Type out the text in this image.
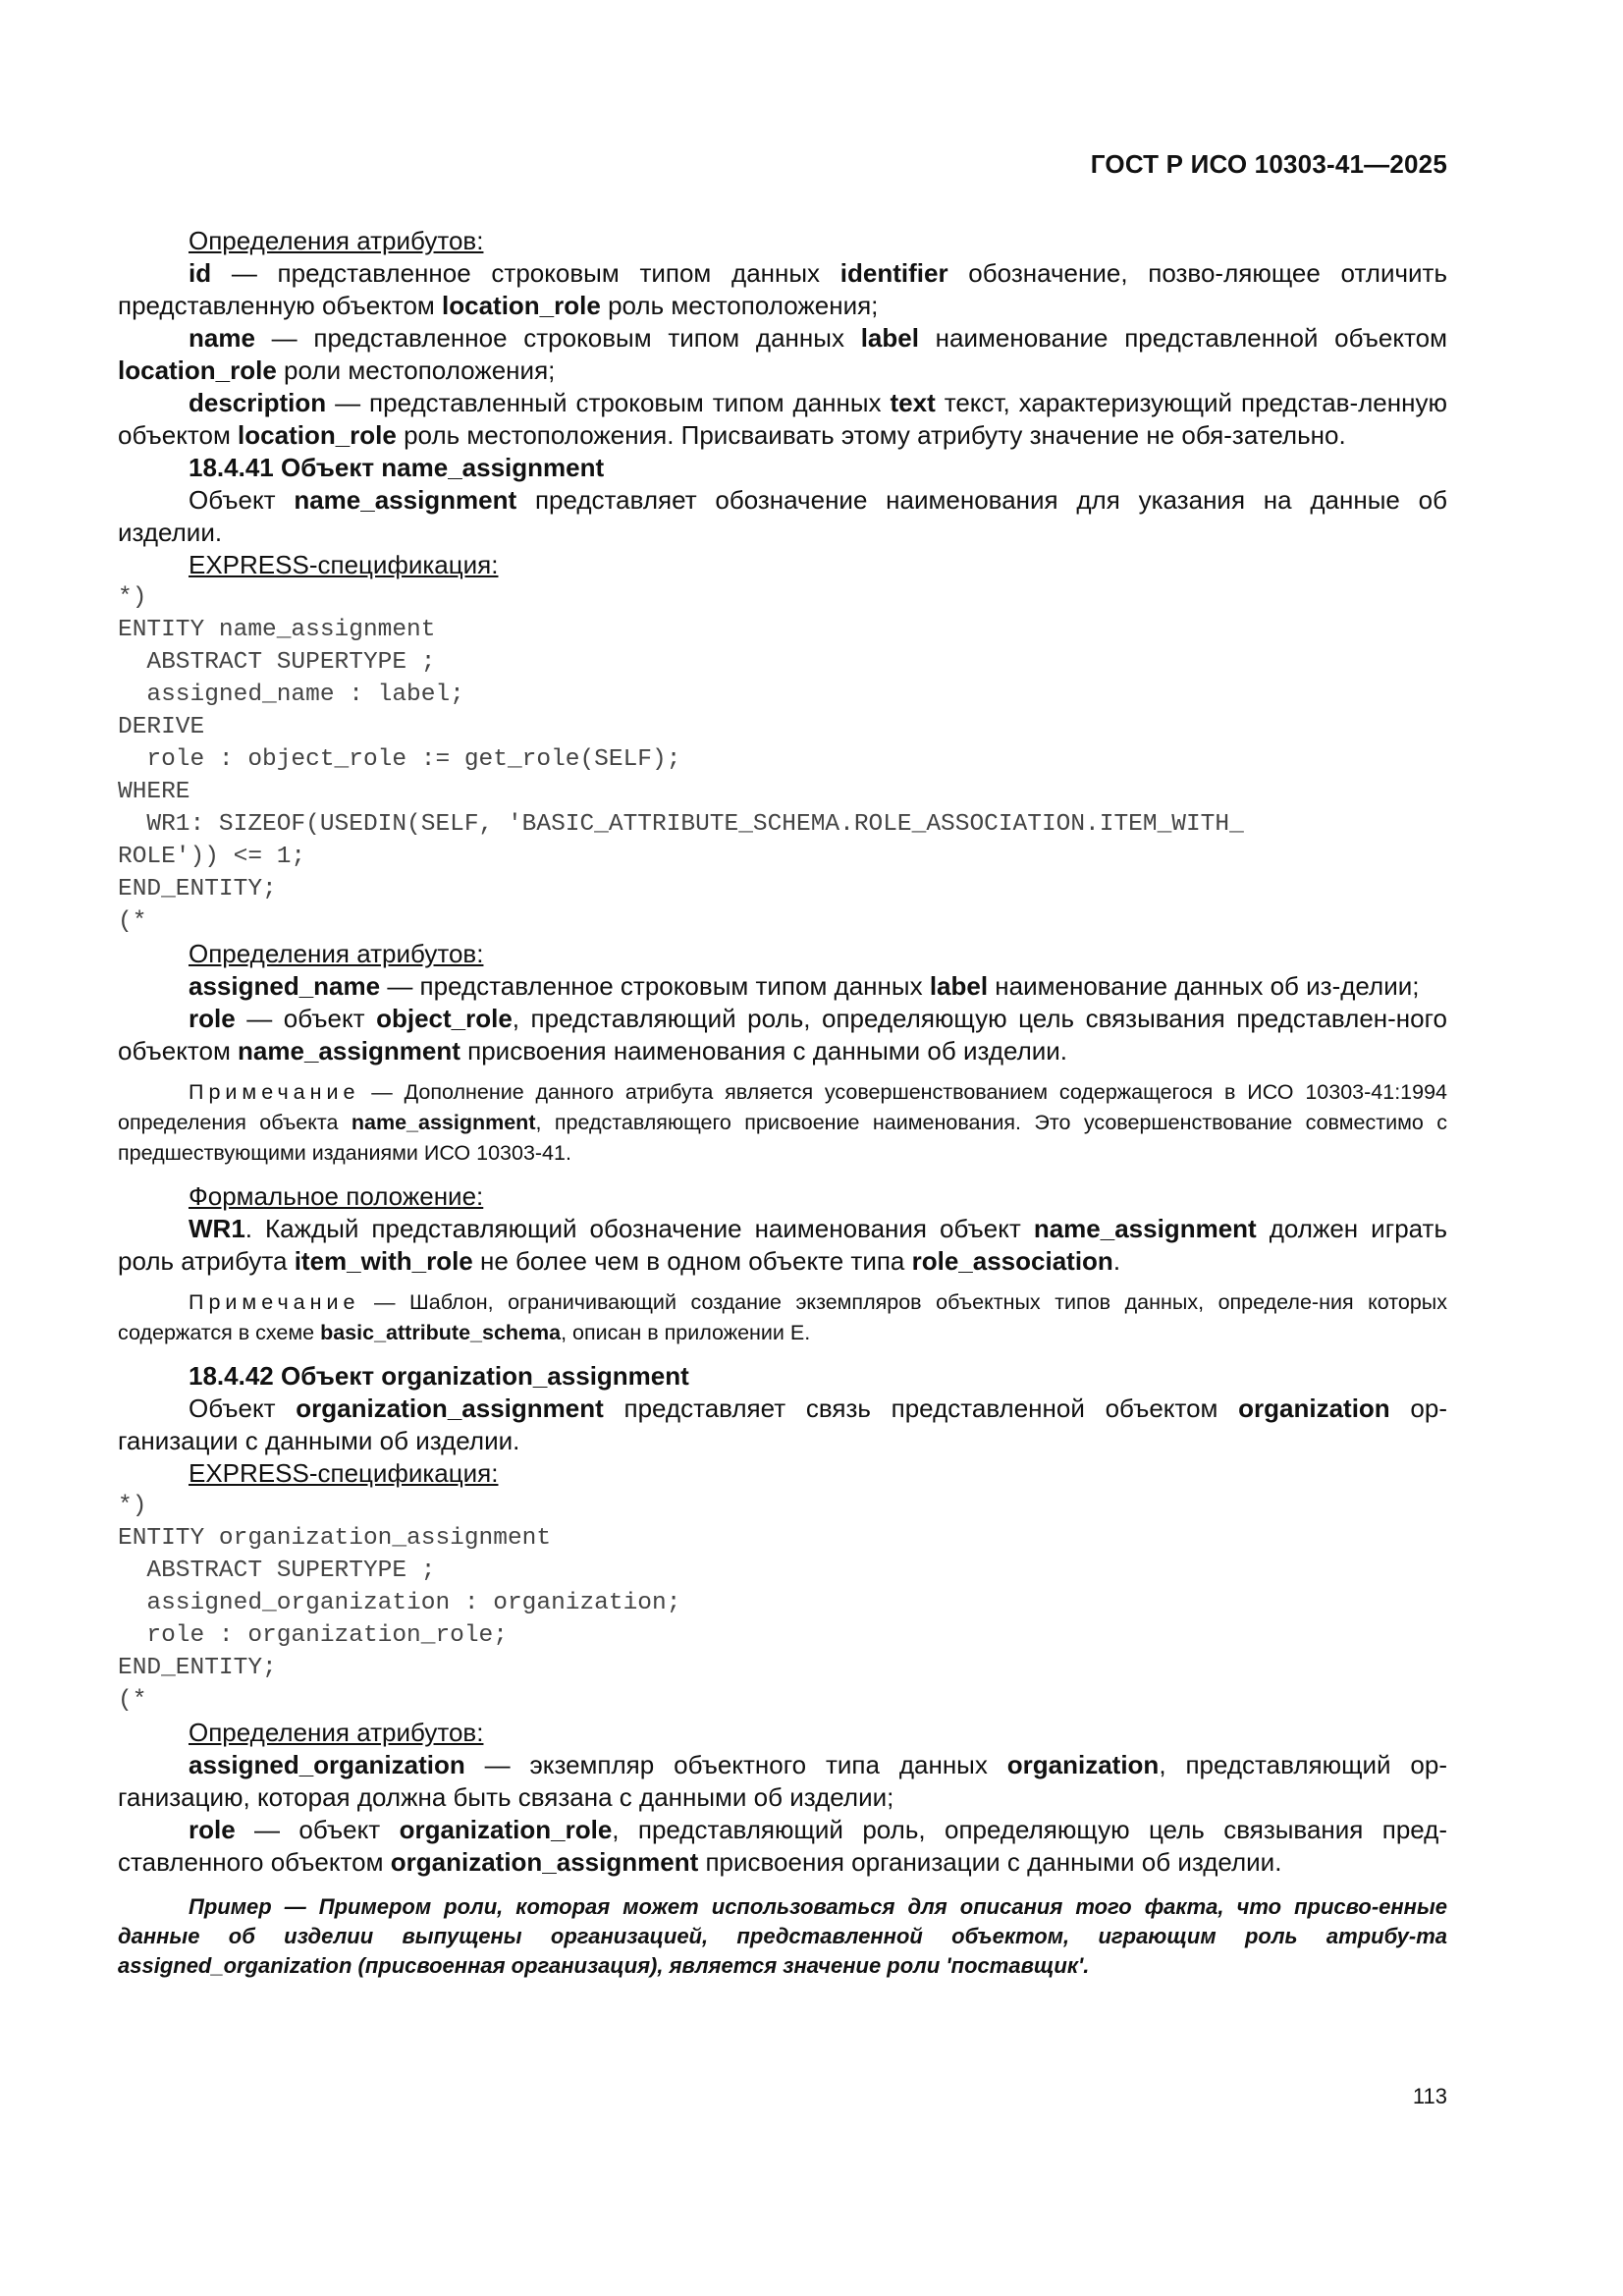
ГОСТ Р ИСО 10303-41—2025

Определения атрибутов:

id — представленное строковым типом данных identifier обозначение, позво-ляющее отличить представленную объектом location_role роль местоположения;

name — представленное строковым типом данных label наименование представленной объектом location_role роли местоположения;

description — представленный строковым типом данных text текст, характеризующий представ-ленную объектом location_role роль местоположения. Присваивать этому атрибуту значение не обя-зательно.

18.4.41 Объект name_assignment

Объект name_assignment представляет обозначение наименования для указания на данные об изделии.

EXPRESS-спецификация:

*)
ENTITY name_assignment
ABSTRACT SUPERTYPE ;
assigned_name : label;
DERIVE
role : object_role := get_role(SELF);
WHERE
WR1: SIZEOF(USEDIN(SELF, 'BASIC_ATTRIBUTE_SCHEMA.ROLE_ASSOCIATION.ITEM_WITH_
ROLE')) <= 1;
END_ENTITY;
(*

Определения атрибутов:

assigned_name — представленное строковым типом данных label наименование данных об из-делии;

role — объект object_role, представляющий роль, определяющую цель связывания представлен-ного объектом name_assignment присвоения наименования с данными об изделии.

Примечание — Дополнение данного атрибута является усовершенствованием содержащегося в ИСО 10303-41:1994 определения объекта name_assignment, представляющего присвоение наименования. Это усовершенствование совместимо с предшествующими изданиями ИСО 10303-41.

Формальное положение:

WR1. Каждый представляющий обозначение наименования объект name_assignment должен играть роль атрибута item_with_role не более чем в одном объекте типа role_association.

Примечание — Шаблон, ограничивающий создание экземпляров объектных типов данных, определе-ния которых содержатся в схеме basic_attribute_schema, описан в приложении E.

18.4.42 Объект organization_assignment

Объект organization_assignment представляет связь представленной объектом organization ор-ганизации с данными об изделии.

EXPRESS-спецификация:

*)
ENTITY organization_assignment
ABSTRACT SUPERTYPE ;
assigned_organization : organization;
role : organization_role;
END_ENTITY;
(*

Определения атрибутов:

assigned_organization — экземпляр объектного типа данных organization, представляющий ор-ганизацию, которая должна быть связана с данными об изделии;

role — объект organization_role, представляющий роль, определяющую цель связывания пред-ставленного объектом organization_assignment присвоения организации с данными об изделии.

Пример — Примером роли, которая может использоваться для описания того факта, что присво-енные данные об изделии выпущены организацией, представленной объектом, играющим роль атрибу-та assigned_organization (присвоенная организация), является значение роли 'поставщик'.

113
